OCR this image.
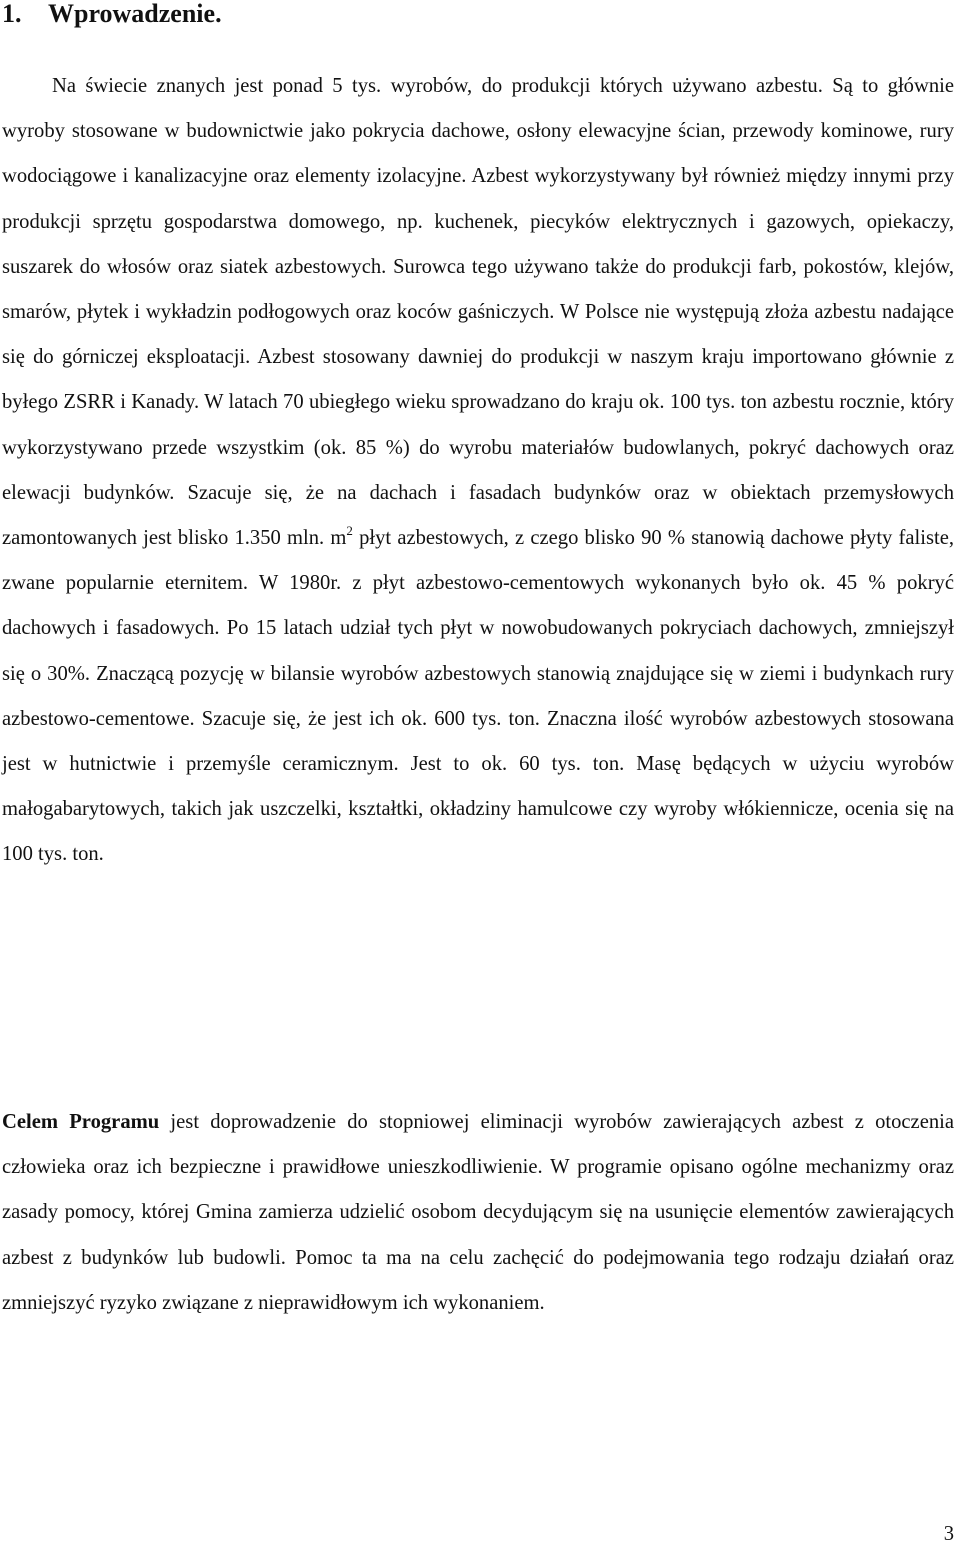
1. Wprowadzenie.

Na świecie znanych jest ponad 5 tys. wyrobów, do produkcji których używano azbestu. Są to głównie wyroby stosowane w budownictwie jako pokrycia dachowe, osłony elewacyjne ścian, przewody kominowe, rury wodociągowe i kanalizacyjne oraz elementy izolacyjne. Azbest wykorzystywany był również między innymi przy produkcji sprzętu gospodarstwa domowego, np. kuchenek, piecyków elektrycznych i gazowych, opiekaczy, suszarek do włosów oraz siatek azbestowych. Surowca tego używano także do produkcji farb, pokostów, klejów, smarów, płytek i wykładzin podłogowych oraz koców gaśniczych. W Polsce nie występują złoża azbestu nadające się do górniczej eksploatacji. Azbest stosowany dawniej do produkcji w naszym kraju importowano głównie z byłego ZSRR i Kanady. W latach 70 ubiegłego wieku sprowadzano do kraju ok. 100 tys. ton azbestu rocznie, który wykorzystywano przede wszystkim (ok. 85 %) do wyrobu materiałów budowlanych, pokryć dachowych oraz elewacji budynków. Szacuje się, że na dachach i fasadach budynków oraz w obiektach przemysłowych zamontowanych jest blisko 1.350 mln. $m^2$ płyt azbestowych, z czego blisko 90 % stanowią dachowe płyty faliste, zwane popularnie eternitem. W 1980r. z płyt azbestowo-cementowych wykonanych było ok. 45 % pokryć dachowych i fasadowych. Po 15 latach udział tych płyt w nowobudowanych pokryciach dachowych, zmniejszył się o 30%. Znaczącą pozycję w bilansie wyrobów azbestowych stanowią znajdujące się w ziemi i budynkach rury azbestowo-cementowe. Szacuje się, że jest ich ok. 600 tys. ton. Znaczna ilość wyrobów azbestowych stosowana jest w hutnictwie i przemyśle ceramicznym. Jest to ok. 60 tys. ton. Masę będących w użyciu wyrobów małogabarytowych, takich jak uszczelki, kształtki, okładziny hamulcowe czy wyroby włókiennicze, ocenia się na 100 tys. ton.

Celem Programu jest doprowadzenie do stopniowej eliminacji wyrobów zawierających azbest z otoczenia człowieka oraz ich bezpieczne i prawidłowe unieszkodliwienie. W programie opisano ogólne mechanizmy oraz zasady pomocy, której Gmina zamierza udzielić osobom decydującym się na usunięcie elementów zawierających azbest z budynków lub budowli. Pomoc ta ma na celu zachęcić do podejmowania tego rodzaju działań oraz zmniejszyć ryzyko związane z nieprawidłowym ich wykonaniem.

3
